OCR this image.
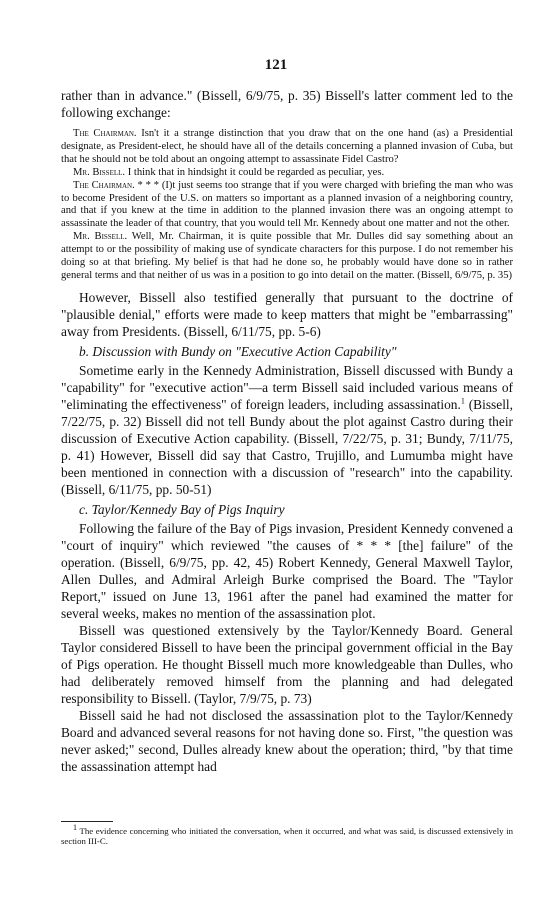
121

rather than in advance." (Bissell, 6/9/75, p. 35) Bissell's latter comment led to the following exchange:

The Chairman. Isn't it a strange distinction that you draw that on the one hand (as) a Presidential designate, as President-elect, he should have all of the details concerning a planned invasion of Cuba, but that he should not be told about an ongoing attempt to assassinate Fidel Castro?

Mr. Bissell. I think that in hindsight it could be regarded as peculiar, yes.

The Chairman. * * * (I)t just seems too strange that if you were charged with briefing the man who was to become President of the U.S. on matters so important as a planned invasion of a neighboring country, and that if you knew at the time in addition to the planned invasion there was an ongoing attempt to assassinate the leader of that country, that you would tell Mr. Kennedy about one matter and not the other.

Mr. Bissell. Well, Mr. Chairman, it is quite possible that Mr. Dulles did say something about an attempt to or the possibility of making use of syndicate characters for this purpose. I do not remember his doing so at that briefing. My belief is that had he done so, he probably would have done so in rather general terms and that neither of us was in a position to go into detail on the matter. (Bissell, 6/9/75, p. 35)

However, Bissell also testified generally that pursuant to the doctrine of "plausible denial," efforts were made to keep matters that might be "embarrassing" away from Presidents. (Bissell, 6/11/75, pp. 5-6)

b. Discussion with Bundy on "Executive Action Capability"

Sometime early in the Kennedy Administration, Bissell discussed with Bundy a "capability" for "executive action"—a term Bissell said included various means of "eliminating the effectiveness" of foreign leaders, including assassination.$^1$ (Bissell, 7/22/75, p. 32) Bissell did not tell Bundy about the plot against Castro during their discussion of Executive Action capability. (Bissell, 7/22/75, p. 31; Bundy, 7/11/75, p. 41) However, Bissell did say that Castro, Trujillo, and Lumumba might have been mentioned in connection with a discussion of "research" into the capability. (Bissell, 6/11/75, pp. 50-51)

c. Taylor/Kennedy Bay of Pigs Inquiry

Following the failure of the Bay of Pigs invasion, President Kennedy convened a "court of inquiry" which reviewed "the causes of * * * [the] failure" of the operation. (Bissell, 6/9/75, pp. 42, 45) Robert Kennedy, General Maxwell Taylor, Allen Dulles, and Admiral Arleigh Burke comprised the Board. The "Taylor Report," issued on June 13, 1961 after the panel had examined the matter for several weeks, makes no mention of the assassination plot.

Bissell was questioned extensively by the Taylor/Kennedy Board. General Taylor considered Bissell to have been the principal government official in the Bay of Pigs operation. He thought Bissell much more knowledgeable than Dulles, who had deliberately removed himself from the planning and had delegated responsibility to Bissell. (Taylor, 7/9/75, p. 73)

Bissell said he had not disclosed the assassination plot to the Taylor/Kennedy Board and advanced several reasons for not having done so. First, "the question was never asked;" second, Dulles already knew about the operation; third, "by that time the assassination attempt had

$^1$ The evidence concerning who initiated the conversation, when it occurred, and what was said, is discussed extensively in section III-C.
